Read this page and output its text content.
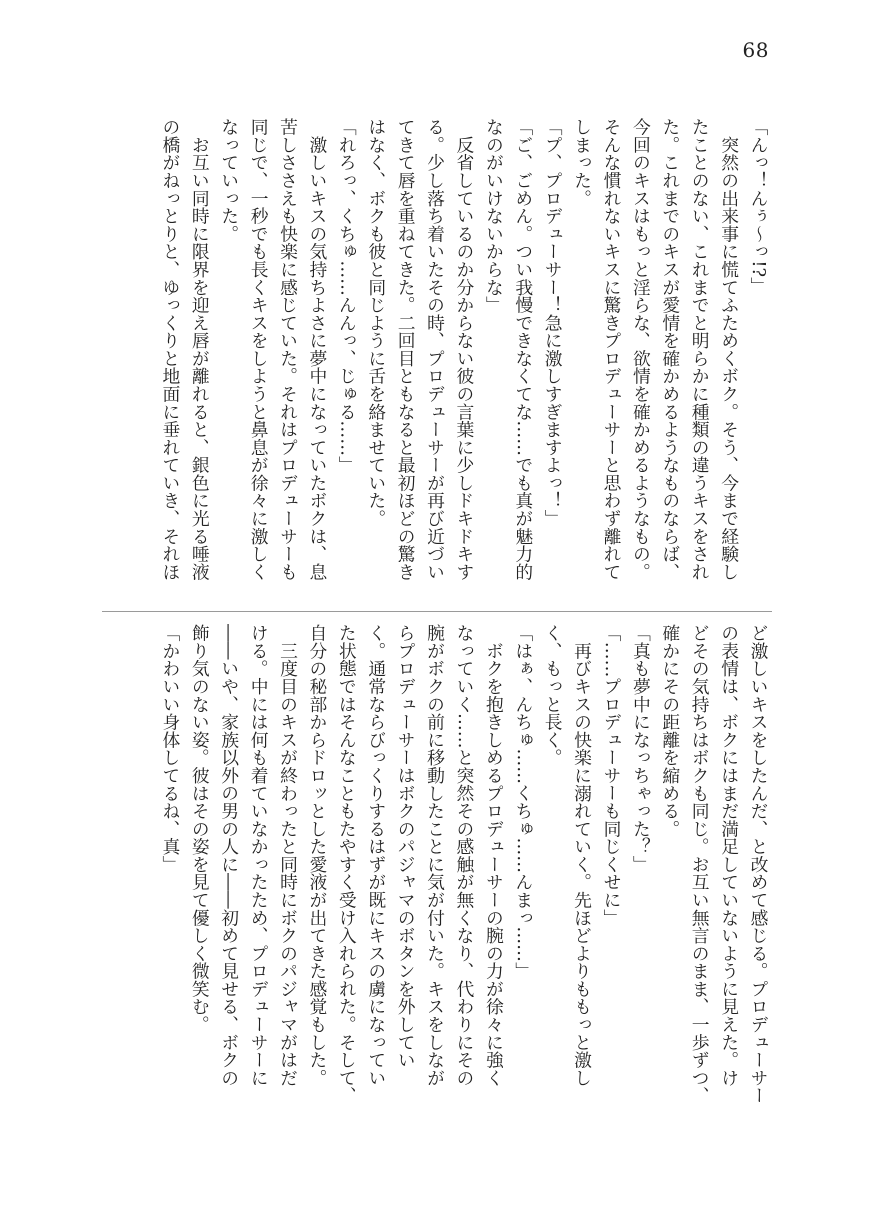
68
「んっ！んぅ～っ!?」
　突然の出来事に慌てふためくボク。そう、今まで経験し
たことのない、これまでと明らかに種類の違うキスをされ
た。これまでのキスが愛情を確かめるようなものならば、
今回のキスはもっと淫らな、欲情を確かめるようなもの。
そんな慣れないキスに驚きプロデューサーと思わず離れて
しまった。
「プ、プロデューサー！急に激しすぎますよっ！」
「ご、ごめん。つい我慢できなくてな……でも真が魅力的
なのがいけないからな」
　反省しているのか分からない彼の言葉に少しドキドキす
る。少し落ち着いたその時、プロデューサーが再び近づい
てきて唇を重ねてきた。二回目ともなると最初ほどの驚き
はなく、ボクも彼と同じように舌を絡ませていた。
「れろっ、くちゅ……んんっ、じゅる……」
　激しいキスの気持ちよさに夢中になっていたボクは、息
苦しささえも快楽に感じていた。それはプロデューサーも
同じで、一秒でも長くキスをしようと鼻息が徐々に激しく
なっていった。
　お互い同時に限界を迎え唇が離れると、銀色に光る唾液
の橋がねっとりと、ゆっくりと地面に垂れていき、それほ
ど激しいキスをしたんだ、と改めて感じる。プロデューサー
の表情は、ボクにはまだ満足していないように見えた。け
どその気持ちはボクも同じ。お互い無言のまま、一歩ずつ、
確かにその距離を縮める。
「真も夢中になっちゃった？」
「……プロデューサーも同じくせに」
　再びキスの快楽に溺れていく。先ほどよりももっと激し
く、もっと長く。
「はぁ、んちゅ……くちゅ……んまっ……」
　ボクを抱きしめるプロデューサーの腕の力が徐々に強く
なっていく……と突然その感触が無くなり、代わりにその
腕がボクの前に移動したことに気が付いた。キスをしなが
らプロデューサーはボクのパジャマのボタンを外してい
く。通常ならびっくりするはずが既にキスの虜になってい
た状態ではそんなこともたやすく受け入れられた。そして、
自分の秘部からドロッとした愛液が出てきた感覚もした。
　三度目のキスが終わったと同時にボクのパジャマがはだ
ける。中には何も着ていなかったため、プロデューサーに
――いや、家族以外の男の人に――初めて見せる、ボクの
飾り気のない姿。彼はその姿を見て優しく微笑む。
「かわいい身体してるね、真」
